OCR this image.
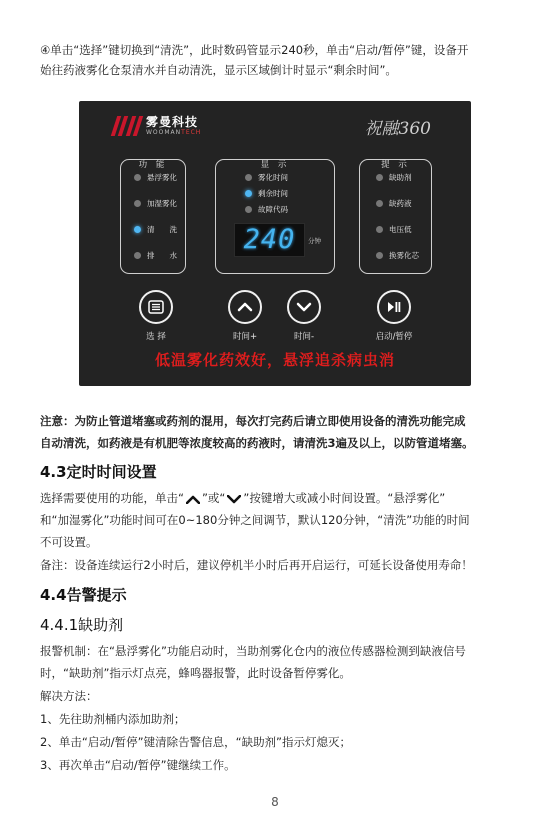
④单击“选择”键切换到“清洗”，此时数码管显示240秒，单击“启动/暂停”键，设备开
始往药液雾化仓泵清水并自动清洗，显示区域倒计时显示“剩余时间”。
雾曼科技
WOOMANTECH	祝融360
功 能
悬浮雾化
加湿雾化
清　　洗
排　　水
显 示
雾化时间
剩余时间
故障代码
240	分钟
提 示
缺助剂
缺药液
电压低
换雾化芯
选 择	时间+	时间-	启动/暂停
低温雾化药效好，悬浮追杀病虫消
注意：为防止管道堵塞或药剂的混用，每次打完药后请立即使用设备的清洗功能完成
自动清洗，如药液是有机肥等浓度较高的药液时，请清洗3遍及以上，以防管道堵塞。
4.3定时时间设置
选择需要使用的功能，单击“ ”或“ ”按键增大或减小时间设置。“悬浮雾化”
和“加湿雾化”功能时间可在0~180分钟之间调节，默认120分钟，“清洗”功能的时间
不可设置。
备注：设备连续运行2小时后，建议停机半小时后再开启运行，可延长设备使用寿命！
4.4告警提示
4.4.1缺助剂
报警机制：在“悬浮雾化”功能启动时，当助剂雾化仓内的液位传感器检测到缺液信号
时，“缺助剂”指示灯点亮，蜂鸣器报警，此时设备暂停雾化。
解决方法：
1、先往助剂桶内添加助剂；
2、单击“启动/暂停”键清除告警信息，“缺助剂”指示灯熄灭；
3、再次单击“启动/暂停”键继续工作。
8
